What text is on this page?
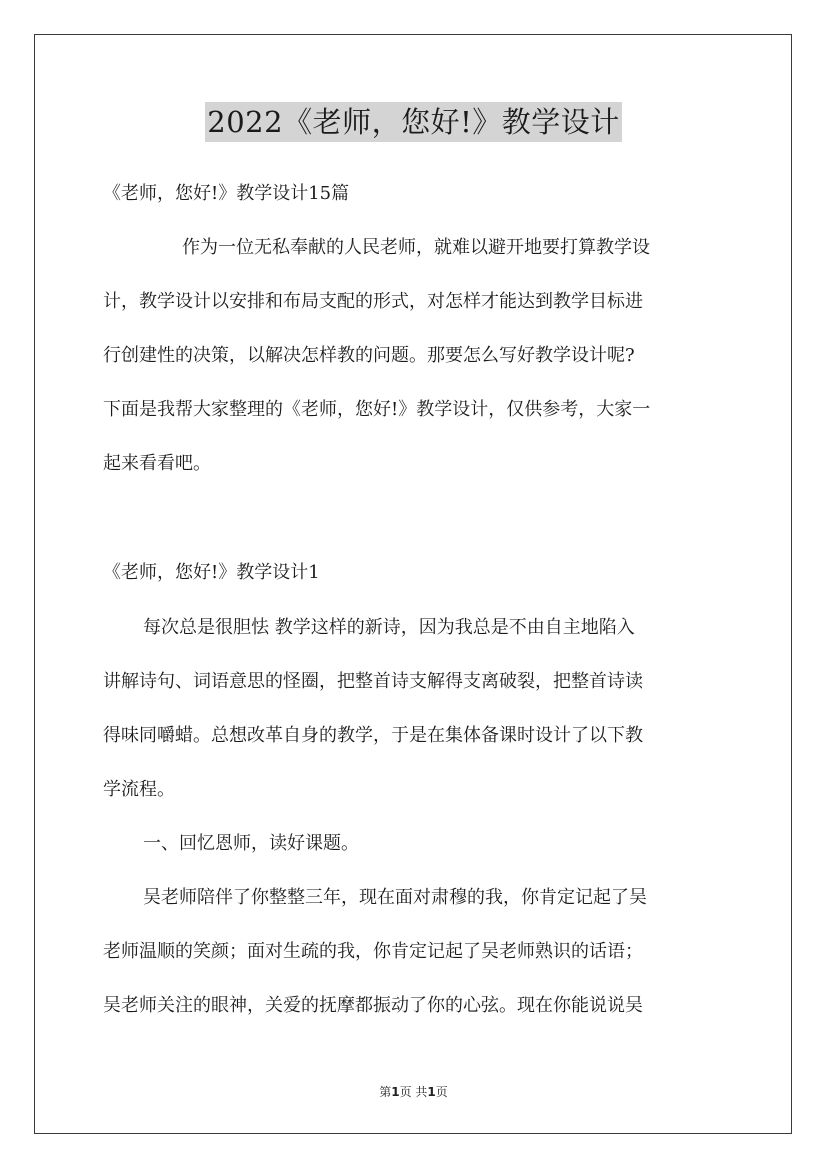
2022《老师，您好!》教学设计
《老师，您好!》教学设计15篇
作为一位无私奉献的人民老师，就难以避开地要打算教学设
计，教学设计以安排和布局支配的形式，对怎样才能达到教学目标进
行创建性的决策，以解决怎样教的问题。那要怎么写好教学设计呢?
下面是我帮大家整理的《老师，您好!》教学设计，仅供参考，大家一
起来看看吧。
《老师，您好!》教学设计1
每次总是很胆怯 教学这样的新诗，因为我总是不由自主地陷入
讲解诗句、词语意思的怪圈，把整首诗支解得支离破裂，把整首诗读
得味同嚼蜡。总想改革自身的教学，于是在集体备课时设计了以下教
学流程。
一、回忆恩师，读好课题。
吴老师陪伴了你整整三年，现在面对肃穆的我，你肯定记起了吴
老师温顺的笑颜；面对生疏的我，你肯定记起了吴老师熟识的话语；
吴老师关注的眼神，关爱的抚摩都振动了你的心弦。现在你能说说吴
第1页 共1页
